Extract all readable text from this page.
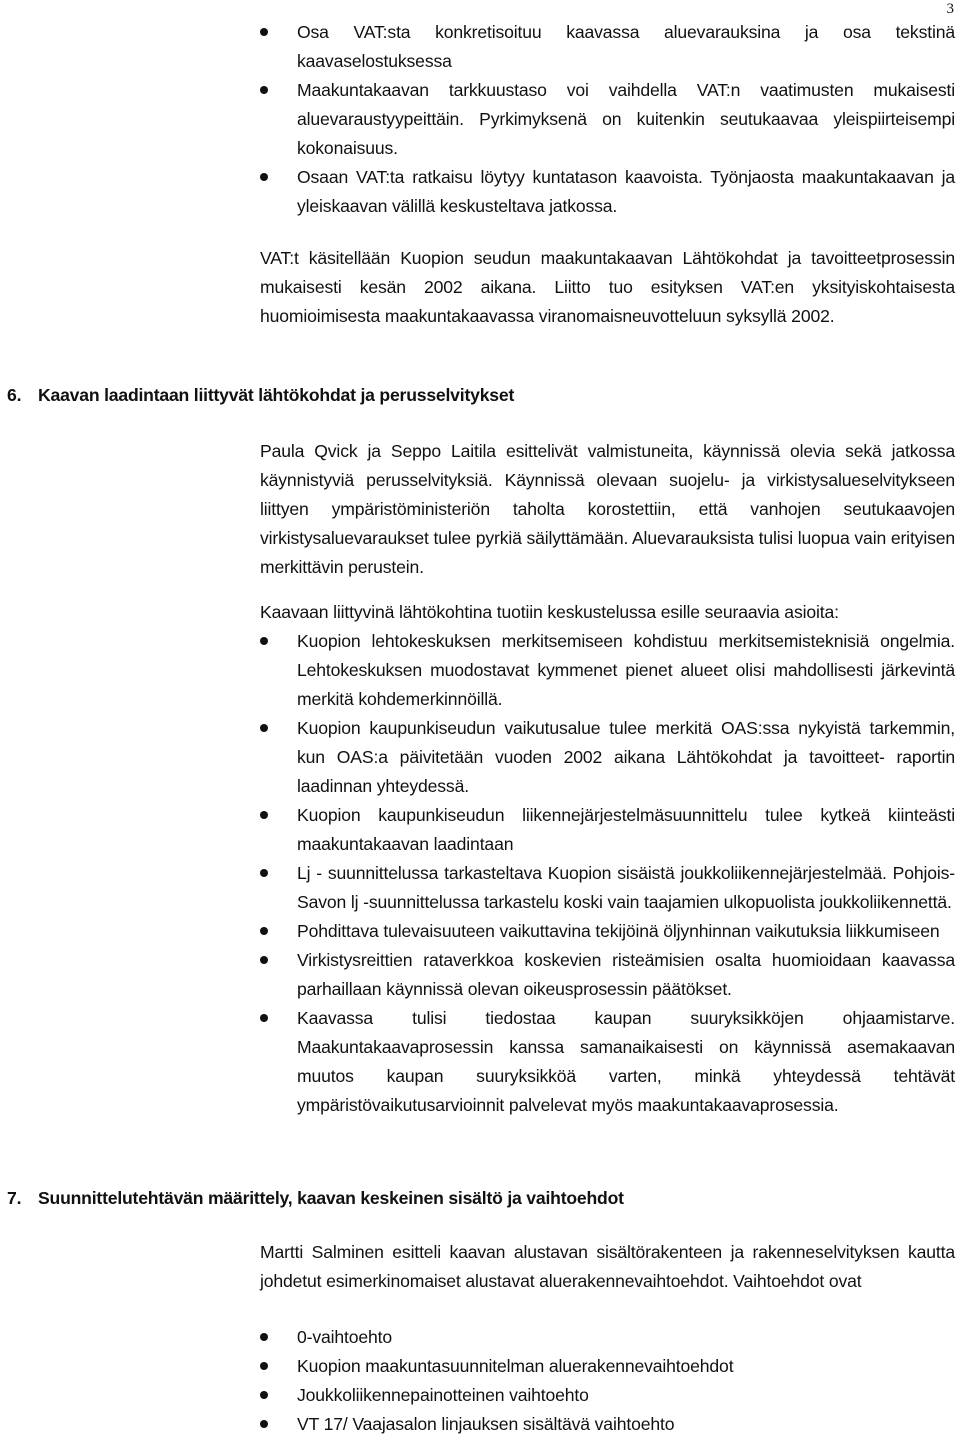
3
Osa VAT:sta konkretisoituu kaavassa aluevarauksina ja osa tekstinä kaavaselostuksessa
Maakuntakaavan tarkkuustaso voi vaihdella VAT:n vaatimusten mukaisesti aluevaraustyypeittäin. Pyrkimyksenä on kuitenkin seutukaavaa yleispiirteisempi kokonaisuus.
Osaan VAT:ta ratkaisu löytyy kuntatason kaavoista. Työnjaosta maakuntakaavan ja yleiskaavan välillä keskusteltava jatkossa.

VAT:t käsitellään Kuopion seudun maakuntakaavan Lähtökohdat ja tavoitteetprosessin mukaisesti kesän 2002 aikana. Liitto tuo esityksen VAT:en yksityiskohtaisesta huomioimisesta maakuntakaavassa viranomaisneuvotteluun syksyllä 2002.

6. Kaavan laadintaan liittyvät lähtökohdat ja perusselvitykset

Paula Qvick ja Seppo Laitila esittelivät valmistuneita, käynnissä olevia sekä jatkossa käynnistyviä perusselvityksiä. Käynnissä olevaan suojelu- ja virkistysalueselvitykseen liittyen ympäristöministeriön taholta korostettiin, että vanhojen seutukaavojen virkistysaluevaraukset tulee pyrkiä säilyttämään. Aluevarauksista tulisi luopua vain erityisen merkittävin perustein.

Kaavaan liittyvinä lähtökohtina tuotiin keskustelussa esille seuraavia asioita:

Kuopion lehtokeskuksen merkitsemiseen kohdistuu merkitsemisteknisiä ongelmia. Lehtokeskuksen muodostavat kymmenet pienet alueet olisi mahdollisesti järkevintä merkitä kohdemerkinnöillä.
Kuopion kaupunkiseudun vaikutusalue tulee merkitä OAS:ssa nykyistä tarkemmin, kun OAS:a päivitetään vuoden 2002 aikana Lähtökohdat ja tavoitteet- raportin laadinnan yhteydessä.
Kuopion kaupunkiseudun liikennejärjestelmäsuunnittelu tulee kytkeä kiinteästi maakuntakaavan laadintaan
Lj - suunnittelussa tarkasteltava Kuopion sisäistä joukkoliikennejärjestelmää. Pohjois-Savon lj -suunnittelussa tarkastelu koski vain taajamien ulkopuolista joukkoliikennettä.
Pohdittava tulevaisuuteen vaikuttavina tekijöinä öljynhinnan vaikutuksia liikkumiseen
Virkistysreittien rataverkkoa koskevien risteämisien osalta huomioidaan kaavassa parhaillaan käynnissä olevan oikeusprosessin päätökset.
Kaavassa tulisi tiedostaa kaupan suuryksikköjen ohjaamistarve. Maakuntakaavaprosessin kanssa samanaikaisesti on käynnissä asemakaavan muutos kaupan suuryksikköä varten, minkä yhteydessä tehtävät ympäristövaikutusarvioinnit palvelevat myös maakuntakaavaprosessia.
7. Suunnittelutehtävän määrittely, kaavan keskeinen sisältö ja vaihtoehdot

Martti Salminen esitteli kaavan alustavan sisältörakenteen ja rakenneselvityksen kautta johdetut esimerkinomaiset alustavat aluerakennevaihtoehdot. Vaihtoehdot ovat

0-vaihtoehto
Kuopion maakuntasuunnitelman aluerakennevaihtoehdot
Joukkoliikennepainotteinen vaihtoehto
VT 17/ Vaajasalon linjauksen sisältävä vaihtoehto
